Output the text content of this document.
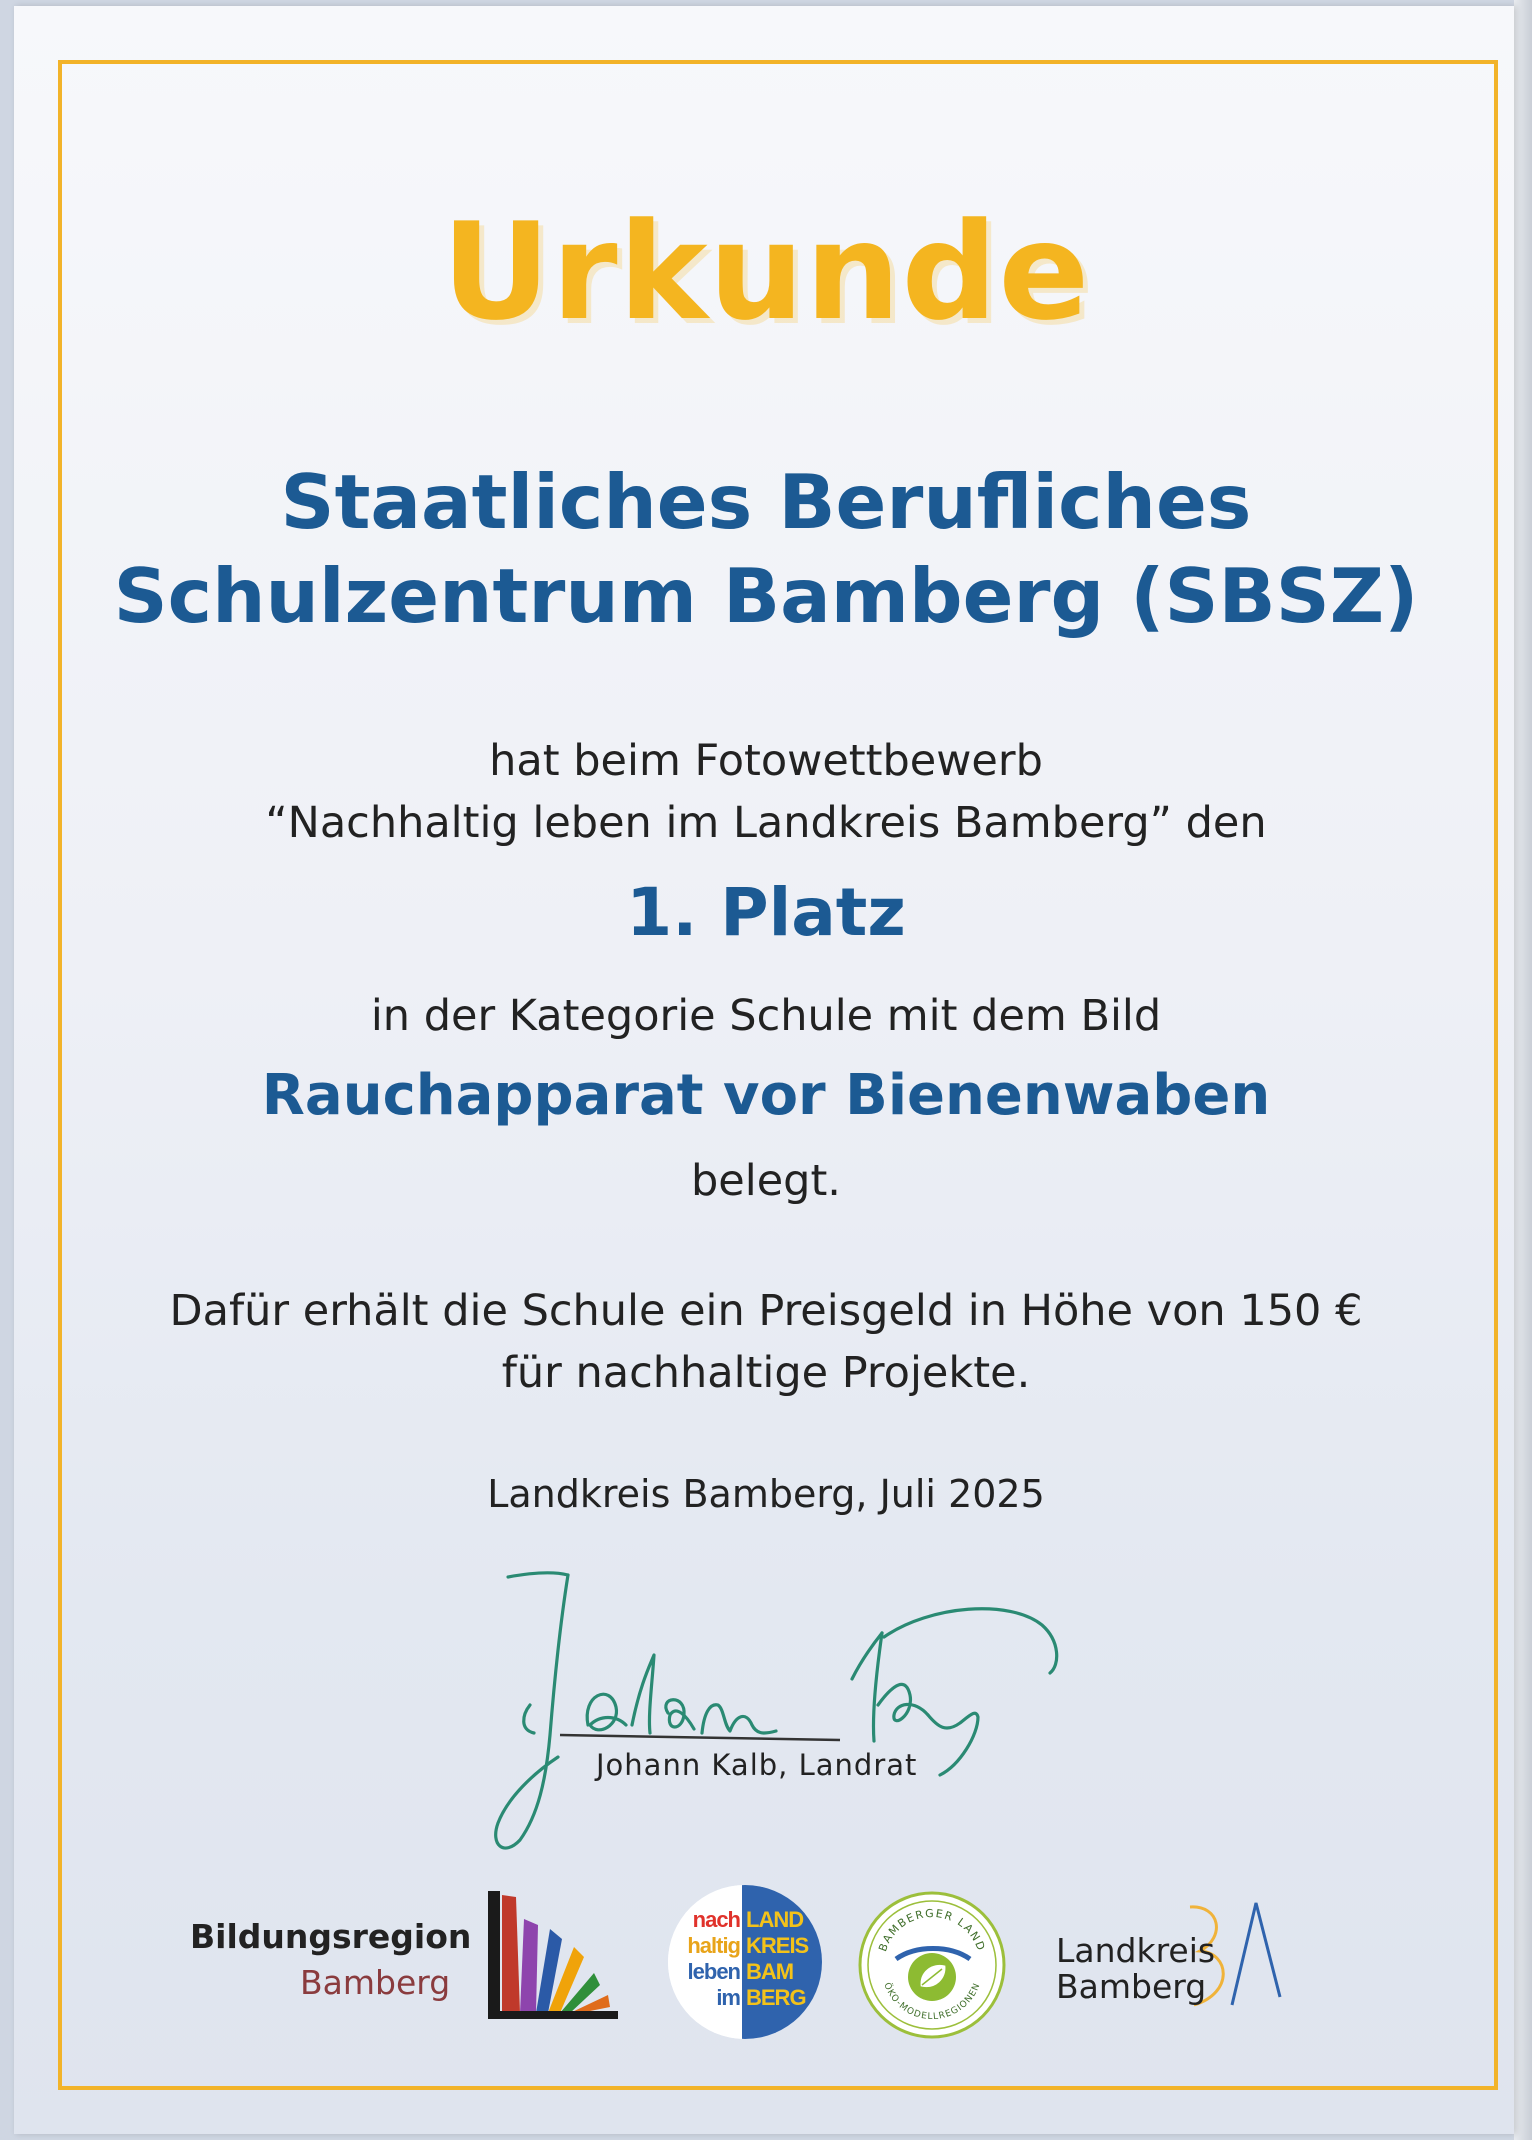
Urkunde
Staatliches Berufliches
Schulzentrum Bamberg (SBSZ)
hat beim Fotowettbewerb
“Nachhaltig leben im Landkreis Bamberg” den
1. Platz
in der Kategorie Schule mit dem Bild
Rauchapparat vor Bienenwaben
belegt.
Dafür erhält die Schule ein Preisgeld in Höhe von 150 €
für nachhaltige Projekte.
Landkreis Bamberg, Juli 2025
Johann Kalb, Landrat
Bildungsregion
Bamberg
nach
haltig
leben
im
LAND
KREIS
BAM
BERG
BAMBERGER LAND
ÖKO-MODELLREGIONEN
Landkreis
Bamberg
